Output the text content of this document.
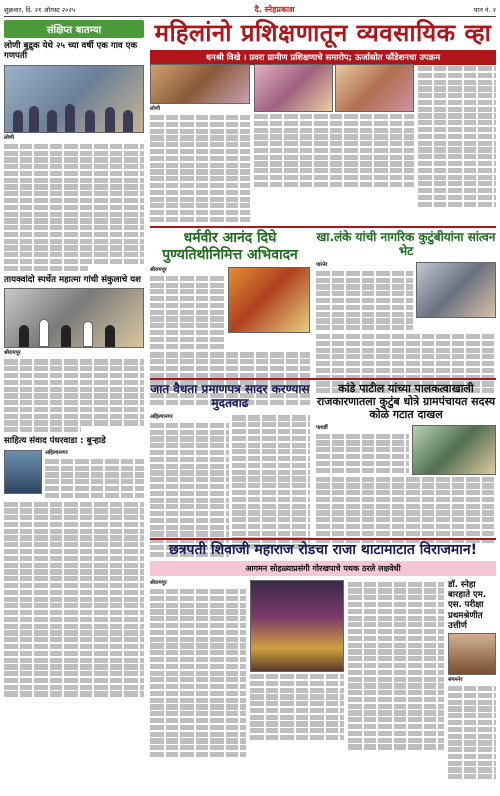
शुक्रवार, दि. २१ ऑगस्ट २०२५	दै. स्नेहप्रकाश	पान नं. २
संक्षिप्त बातम्या
लोणी बुद्रुक येथे २५ च्या वर्षी एक गाव एक गणपती
लोणी
तायक्वांदो स्पर्धेत महात्मा गांधी संकुलाचे यश
श्रीरामपूर
साहित्य संवाद पंधरवाडा : बुऱ्हाडे
अहिल्यानगर
महिलांनो प्रशिक्षणातून व्यवसायिक व्हा
धनश्री विखे । प्रवरा ग्रामीण प्रशिक्षणाचे समारोप; ऊर्जास्रोत फौंडेशनचा उपक्रम
लोणी
धर्मवीर आनंद दिघे पुण्यतिथीनिमित्त अभिवादन
श्रीरामपूर
खा.लंके यांची नागरिक कुटुंबीयांना सांत्वन भेट
पारनेर
जात वैधता प्रमाणपत्र सादर करण्यास मुदतवाढ
अहिल्यानगर
कांडे पाटील यांच्या पालकत्वाखाली राजकारणातला कुटुंब धोत्रे ग्रामपंचायत सदस्य कोळे गटात दाखल
पाथर्डी
छत्रपती शिवाजी महाराज रोडचा राजा थाटामाटात विराजमान!
आगमन सोहळ्याप्रसंगी गोरखपाचे पथक ठरले लक्षवेधी
श्रीरामपूर	डॉ. स्नेहा बारहाते एम. एस. परीक्षा प्रथमश्रेणीत उत्तीर्ण
संगमनेर
